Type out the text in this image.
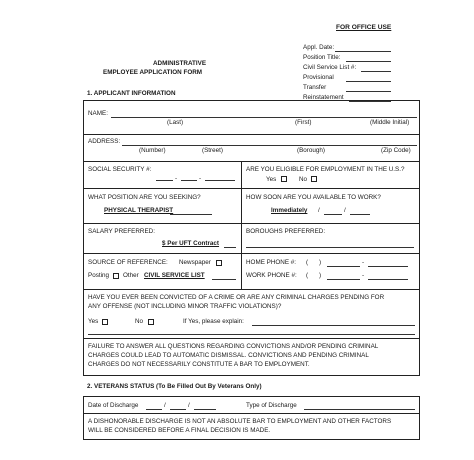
FOR OFFICE USE
Appl. Date:
Position Title:
Civil Service List #:
Provisional
Transfer
Reinstatement
ADMINISTRATIVE
EMPLOYEE APPLICATION FORM
1. APPLICANT INFORMATION
NAME:
(Last)	(First)	(Middle Initial)
ADDRESS:
(Number)	(Street)	(Borough)	(Zip Code)
SOCIAL SECURITY #:
-	-
ARE YOU ELIGIBLE FOR EMPLOYMENT IN THE U.S.?
Yes	No
WHAT POSITION ARE YOU SEEKING?
PHYSICAL THERAPIST
HOW SOON ARE YOU AVAILABLE TO WORK?
Immediately /	/
SALARY PREFERRED:
$ Per UFT Contract
BOROUGHS PREFERRED:
SOURCE OF REFERENCE: Newspaper
Posting Other CIVIL SERVICE LIST
HOME PHONE #: ( )	-
WORK PHONE #: ( )	-
HAVE YOU EVER BEEN CONVICTED OF A CRIME OR ARE ANY CRIMINAL CHARGES PENDING FOR
ANY OFFENSE (NOT INCLUDING MINOR TRAFFIC VIOLATIONS)?
Yes	No	If Yes, please explain:
FAILURE TO ANSWER ALL QUESTIONS REGARDING CONVICTIONS AND/OR PENDING CRIMINAL
CHARGES COULD LEAD TO AUTOMATIC DISMISSAL. CONVICTIONS AND PENDING CRIMINAL
CHARGES DO NOT NECESSARILY CONSTITUTE A BAR TO EMPLOYMENT.
2. VETERANS STATUS (To Be Filled Out By Veterans Only)
Date of Discharge	/	/	Type of Discharge
A DISHONORABLE DISCHARGE IS NOT AN ABSOLUTE BAR TO EMPLOYMENT AND OTHER FACTORS
WILL BE CONSIDERED BEFORE A FINAL DECISION IS MADE.
